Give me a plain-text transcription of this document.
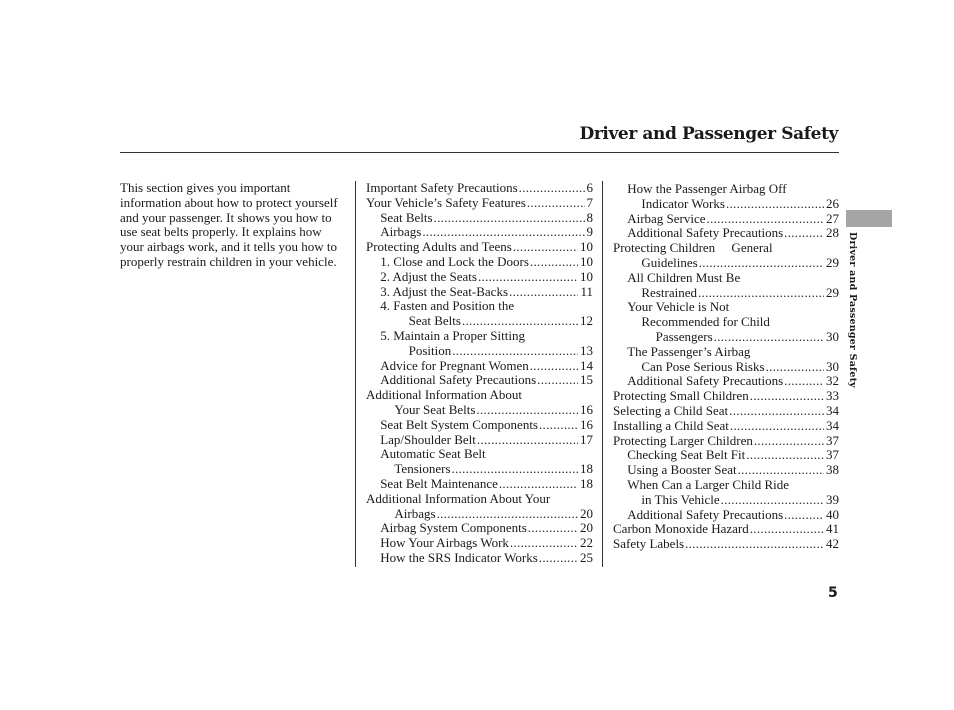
Driver and Passenger Safety
This section gives you important information about how to protect yourself and your passenger. It shows you how to use seat belts properly. It explains how your airbags work, and it tells you how to properly restrain children in your vehicle.
Important Safety Precautions .....	6
Your Vehicle’s Safety Features .....	7
Seat Belts .....	8
Airbags .....	9
Protecting Adults and Teens .....	10
1. Close and Lock the Doors .....	10
2. Adjust the Seats .....	10
3. Adjust the Seat-Backs .....	11
4. Fasten and Position the
Seat Belts .....	12
5. Maintain a Proper Sitting
Position .....	13
Advice for Pregnant Women .....	14
Additional Safety Precautions .....	15
Additional Information About
Your Seat Belts .....	16
Seat Belt System Components .....	16
Lap/Shoulder Belt .....	17
Automatic Seat Belt
Tensioners .....	18
Seat Belt Maintenance .....	18
Additional Information About Your
Airbags .....	20
Airbag System Components .....	20
How Your Airbags Work .....	22
How the SRS Indicator Works .....	25
How the Passenger Airbag Off
Indicator Works .....	26
Airbag Service .....	27
Additional Safety Precautions .....	28
Protecting Children     General
Guidelines .....	29
All Children Must Be
Restrained .....	29
Your Vehicle is Not
Recommended for Child
Passengers .....	30
The Passenger’s Airbag
Can Pose Serious Risks .....	30
Additional Safety Precautions .....	32
Protecting Small Children .....	33
Selecting a Child Seat .....	34
Installing a Child Seat .....	34
Protecting Larger Children .....	37
Checking Seat Belt Fit .....	37
Using a Booster Seat .....	38
When Can a Larger Child Ride
in This Vehicle .....	39
Additional Safety Precautions .....	40
Carbon Monoxide Hazard .....	41
Safety Labels .....	42
Driver and Passenger Safety
5
